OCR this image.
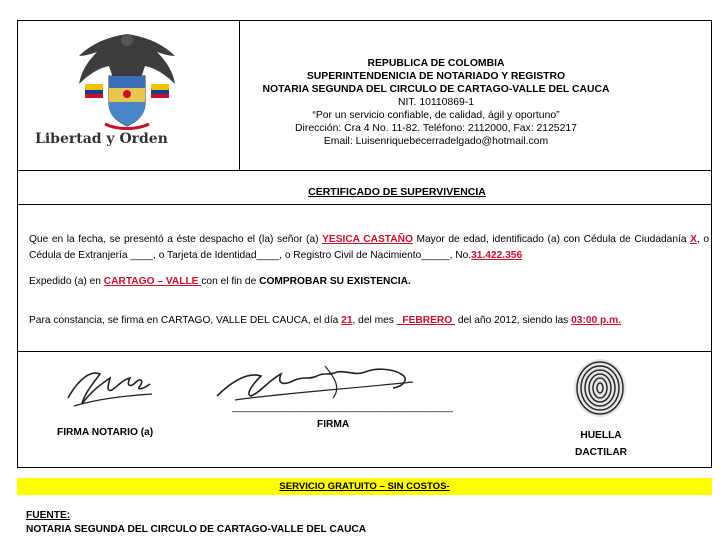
Libertad y Orden
REPUBLICA DE COLOMBIA
SUPERINTENDENICIA DE NOTARIADO Y REGISTRO
NOTARIA SEGUNDA DEL CIRCULO DE CARTAGO-VALLE DEL CAUCA
NIT. 10110869-1
“Por un servicio confiable, de calidad, ágil y oportuno”
Dirección: Cra 4 No. 11-82. Teléfono: 2112000, Fax: 2125217
Email: Luisenriquebecerradelgado@hotmail.com
CERTIFICADO DE SUPERVIVENCIA
Que en la fecha, se presentó a éste despacho el (la) señor (a) YESICA CASTAÑO Mayor de edad, identificado (a) con Cédula de Ciudadanía X, o Cédula de Extranjería ____, o Tarjeta de Identidad____, o Registro Civil de Nacimiento_____, No.31.422.356
Expedido (a) en CARTAGO – VALLE con el fin de COMPROBAR SU EXISTENCIA.
Para constancia, se firma en CARTAGO, VALLE DEL CAUCA, el día 21, del mes   FEBRERO  del año 2012, siendo las 03:00 p.m.
FIRMA NOTARIO (a)
_______________________________________
FIRMA
HUELLA
DACTILAR
SERVICIO GRATUITO – SIN COSTOS-
FUENTE:
NOTARIA SEGUNDA DEL CIRCULO DE CARTAGO-VALLE DEL CAUCA
